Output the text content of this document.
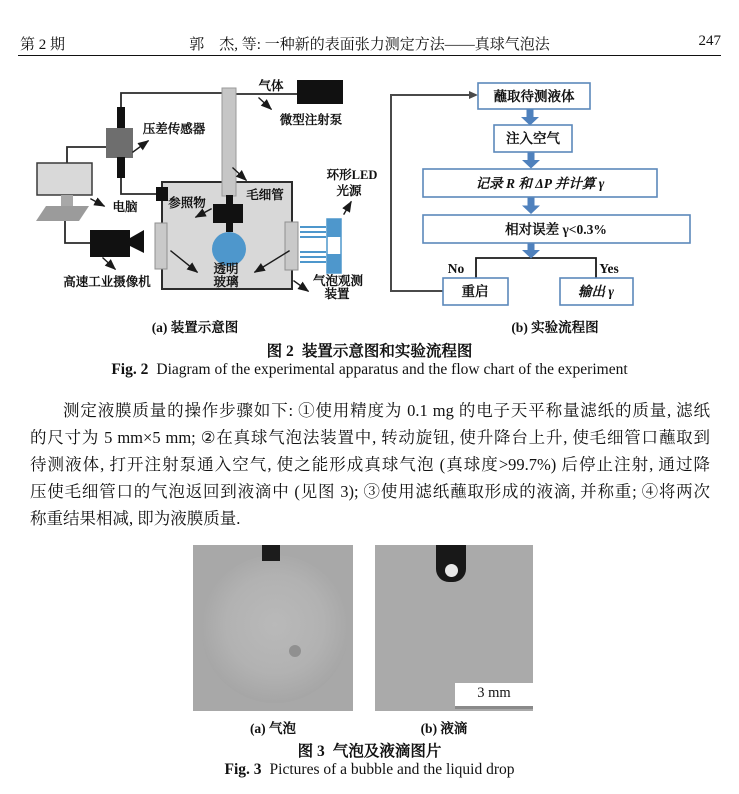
第 2 期	郭　杰, 等: 一种新的表面张力测定方法——真球气泡法	247
气体
微型注射泵
压差传感器
电脑 参照物
毛细管
环形LED
光源
高速工业摄像机
透明
玻璃	气泡观测
装置
蘸取待测液体
注入空气
记录 R 和 ΔP 并计算 γ
相对误差 γ<0.3%
No	Yes
重启	输出 γ
(a) 装置示意图	(b) 实验流程图
图 2 装置示意图和实验流程图
Fig. 2 Diagram of the experimental apparatus and the flow chart of the experiment
测定液膜质量的操作步骤如下: ①使用精度为 0.1 mg 的电子天平称量滤纸的质量, 滤纸
的尺寸为 5 mm×5 mm; ②在真球气泡法装置中, 转动旋钮, 使升降台上升, 使毛细管口蘸取到
待测液体, 打开注射泵通入空气, 使之能形成真球气泡 (真球度>99.7%) 后停止注射, 通过降
压使毛细管口的气泡返回到液滴中 (见图 3); ③使用滤纸蘸取形成的液滴, 并称重; ④将两次
称重结果相减, 即为液膜质量.
3 mm
(a) 气泡	(b) 液滴
图 3 气泡及液滴图片
Fig. 3 Pictures of a bubble and the liquid drop
